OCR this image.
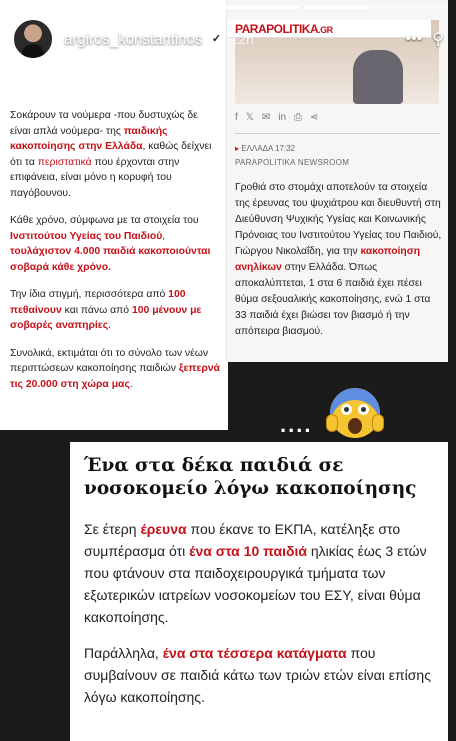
Σοκάρουν τα νούμερα -που δυστυχώς δε είναι απλά νούμερα- της παιδικής κακοποίησης στην Ελλάδα, καθώς δείχνει ότι τα περιστατικά που έρχονται στην επιφάνεια, είναι μόνο η κορυφή του παγόβουνου.

Κάθε χρόνο, σύμφωνα με τα στοιχεία του Ινστιτούτου Υγείας του Παιδιού, τουλάχιστον 4.000 παιδιά κακοποιούνται σοβαρά κάθε χρόνο.

Την ίδια στιγμή, περισσότερα από 100 πεθαίνουν και πάνω από 100 μένουν με σοβαρές αναπηρίες.

Συνολικά, εκτιμάται ότι το σύνολο των νέων περιπτώσεων κακοποίησης παιδιών ξεπερνά τις 20.000 στη χώρα μας.

PARAPOLITIKA.GR
f 𝕏 ✉ in ⎙ ⋖
▸ ΕΛΛΑΔΑ 17:32
PARAPOLITIKA NEWSROOM
Γροθιά στο στομάχι αποτελούν τα στοιχεία της έρευνας του ψυχιάτρου και διευθυντή στη Διεύθυνση Ψυχικής Υγείας και Κοινωνικής Πρόνοιας του Ινστιτούτου Υγείας του Παιδιού, Γιώργου Νικολαΐδη, για την κακοποίηση ανηλίκων στην Ελλάδα. Όπως αποκαλύπτεται, 1 στα 6 παιδιά έχει πέσει θύμα σεξουαλικής κακοποίησης, ενώ 1 στα 33 παιδιά έχει βιώσει τον βιασμό ή την απόπειρα βιασμού.
....
Ένα στα δέκα παιδιά σε νοσοκομείο λόγω κακοποίησης

Σε έτερη έρευνα που έκανε το ΕΚΠΑ, κατέληξε στο συμπέρασμα ότι ένα στα 10 παιδιά ηλικίας έως 3 ετών που φτάνουν στα παιδοχειρουργικά τμήματα των εξωτερικών ιατρείων νοσοκομείων του ΕΣΥ, είναι θύμα κακοποίησης.

Παράλληλα, ένα στα τέσσερα κατάγματα που συμβαίνουν σε παιδιά κάτω των τριών ετών είναι επίσης λόγω κακοποίησης.

argiros_konstantinos ✓ 12h	••• ⚲
